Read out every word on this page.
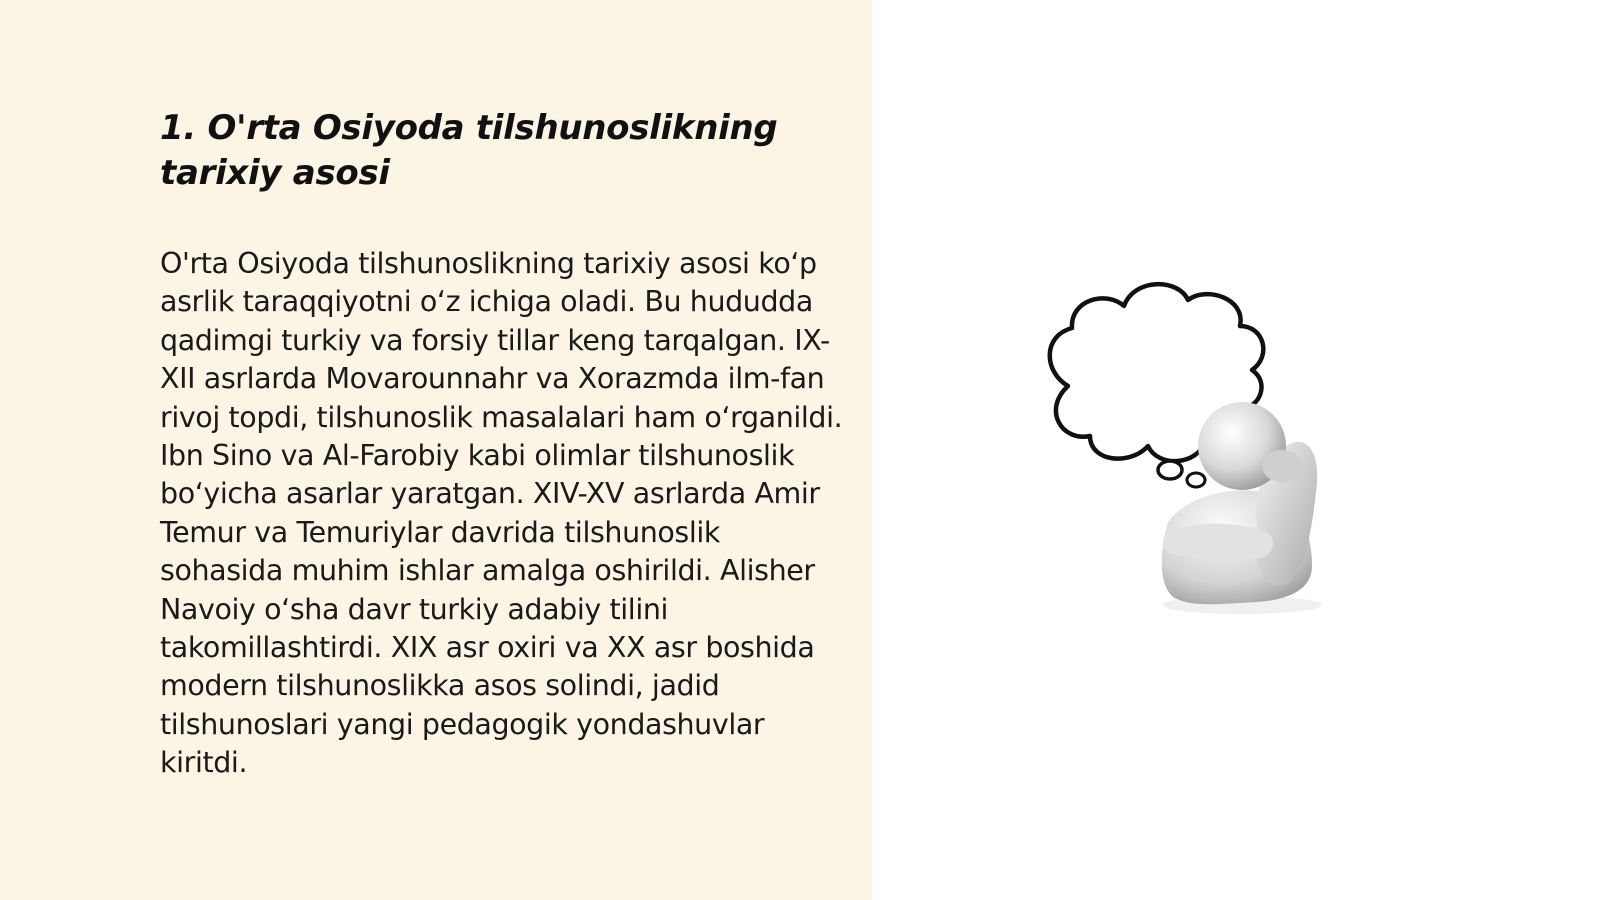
1. O'rta Osiyoda tilshunoslikning tarixiy asosi

O'rta Osiyoda tilshunoslikning tarixiy asosi koʻp asrlik taraqqiyotni oʻz ichiga oladi. Bu hududda qadimgi turkiy va forsiy tillar keng tarqalgan. IX-XII asrlarda Movarounnahr va Xorazmda ilm-fan rivoj topdi, tilshunoslik masalalari ham oʻrganildi. Ibn Sino va Al-Farobiy kabi olimlar tilshunoslik boʻyicha asarlar yaratgan. XIV-XV asrlarda Amir Temur va Temuriylar davrida tilshunoslik sohasida muhim ishlar amalga oshirildi. Alisher Navoiy oʻsha davr turkiy adabiy tilini takomillashtirdi. XIX asr oxiri va XX asr boshida modern tilshunoslikka asos solindi, jadid tilshunoslari yangi pedagogik yondashuvlar kiritdi.
